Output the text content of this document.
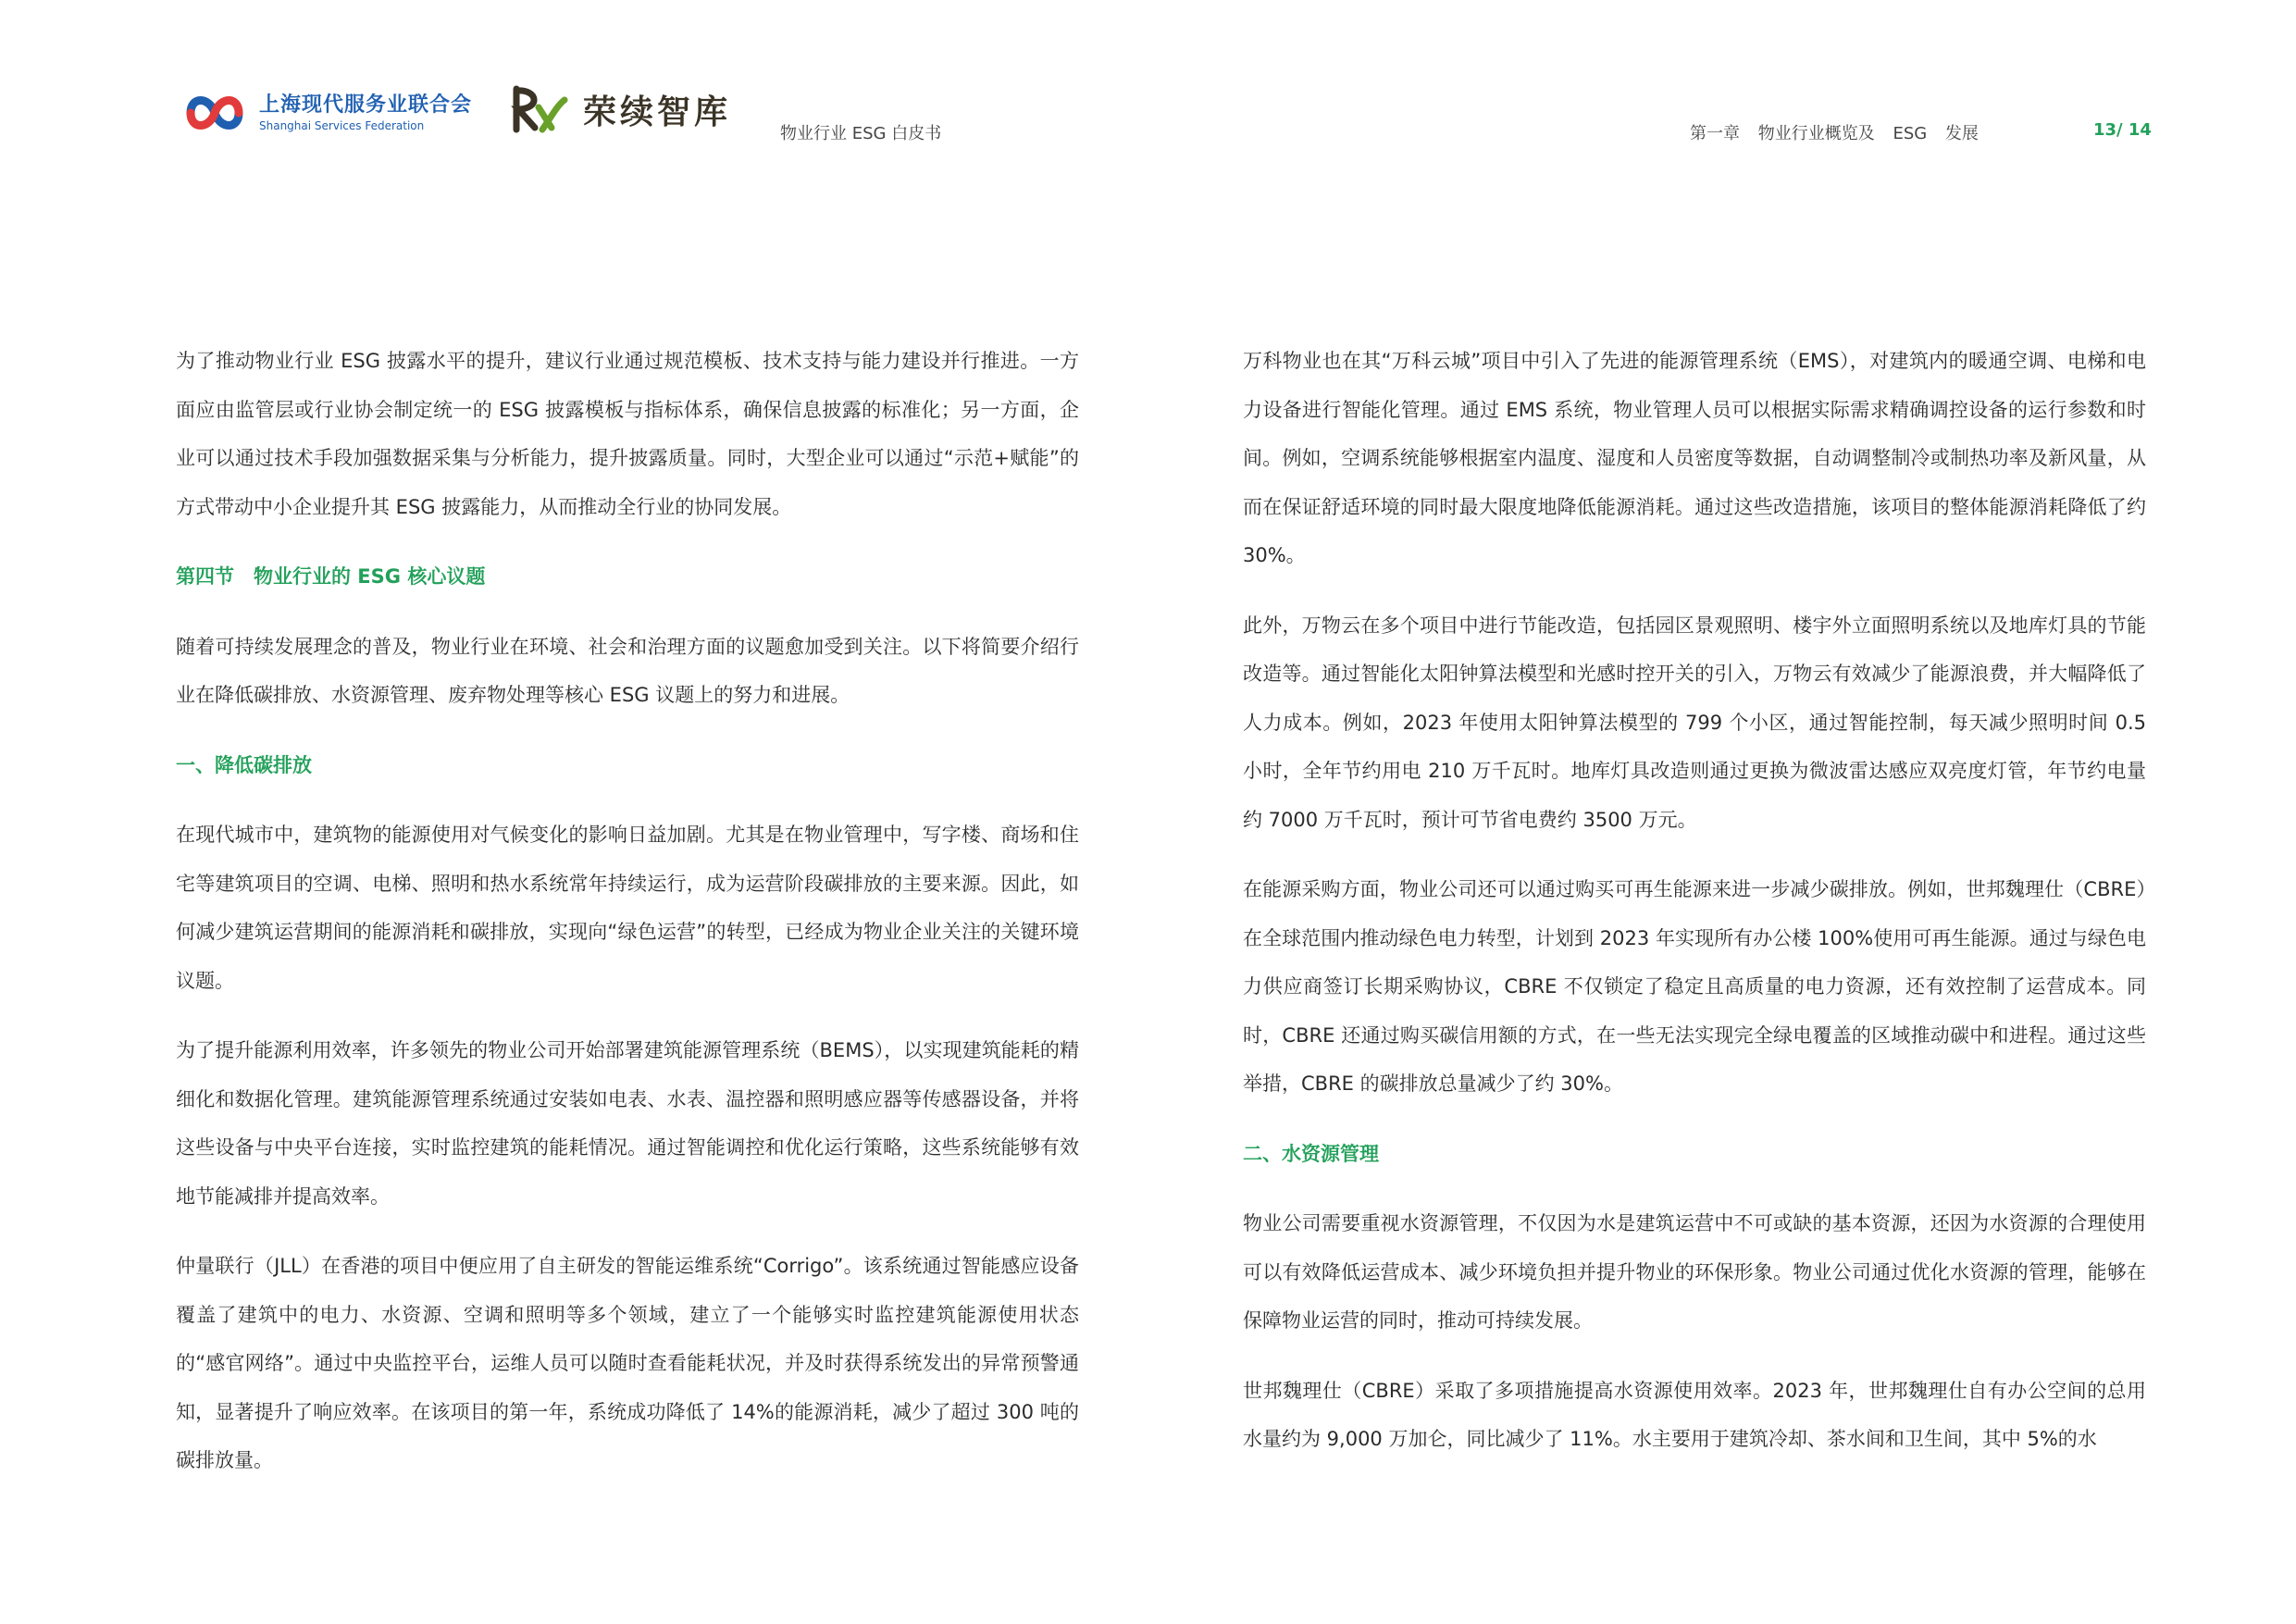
上海现代服务业联合会
Shanghai Services Federation	荣续智库
物业行业 ESG 白皮书	第一章 物业行业概览及 ESG 发展	13/ 14

为了推动物业行业 ESG 披露水平的提升，建议行业通过规范模板、技术支持与能力建设并行推进。一方面应由监管层或行业协会制定统一的 ESG 披露模板与指标体系，确保信息披露的标准化；另一方面，企业可以通过技术手段加强数据采集与分析能力，提升披露质量。同时，大型企业可以通过“示范+赋能”的方式带动中小企业提升其 ESG 披露能力，从而推动全行业的协同发展。

第四节　物业行业的 ESG 核心议题

随着可持续发展理念的普及，物业行业在环境、社会和治理方面的议题愈加受到关注。以下将简要介绍行业在降低碳排放、水资源管理、废弃物处理等核心 ESG 议题上的努力和进展。

一、降低碳排放

在现代城市中，建筑物的能源使用对气候变化的影响日益加剧。尤其是在物业管理中，写字楼、商场和住宅等建筑项目的空调、电梯、照明和热水系统常年持续运行，成为运营阶段碳排放的主要来源。因此，如何减少建筑运营期间的能源消耗和碳排放，实现向“绿色运营”的转型，已经成为物业企业关注的关键环境议题。

为了提升能源利用效率，许多领先的物业公司开始部署建筑能源管理系统（BEMS），以实现建筑能耗的精细化和数据化管理。建筑能源管理系统通过安装如电表、水表、温控器和照明感应器等传感器设备，并将这些设备与中央平台连接，实时监控建筑的能耗情况。通过智能调控和优化运行策略，这些系统能够有效地节能减排并提高效率。

仲量联行（JLL）在香港的项目中便应用了自主研发的智能运维系统“Corrigo”。该系统通过智能感应设备覆盖了建筑中的电力、水资源、空调和照明等多个领域，建立了一个能够实时监控建筑能源使用状态的“感官网络”。通过中央监控平台，运维人员可以随时查看能耗状况，并及时获得系统发出的异常预警通知，显著提升了响应效率。在该项目的第一年，系统成功降低了 14%的能源消耗，减少了超过 300 吨的碳排放量。

万科物业也在其“万科云城”项目中引入了先进的能源管理系统（EMS），对建筑内的暖通空调、电梯和电力设备进行智能化管理。通过 EMS 系统，物业管理人员可以根据实际需求精确调控设备的运行参数和时间。例如，空调系统能够根据室内温度、湿度和人员密度等数据，自动调整制冷或制热功率及新风量，从而在保证舒适环境的同时最大限度地降低能源消耗。通过这些改造措施，该项目的整体能源消耗降低了约 30%。

此外，万物云在多个项目中进行节能改造，包括园区景观照明、楼宇外立面照明系统以及地库灯具的节能改造等。通过智能化太阳钟算法模型和光感时控开关的引入，万物云有效减少了能源浪费，并大幅降低了人力成本。例如，2023 年使用太阳钟算法模型的 799 个小区，通过智能控制，每天减少照明时间 0.5 小时，全年节约用电 210 万千瓦时。地库灯具改造则通过更换为微波雷达感应双亮度灯管，年节约电量约 7000 万千瓦时，预计可节省电费约 3500 万元。

在能源采购方面，物业公司还可以通过购买可再生能源来进一步减少碳排放。例如，世邦魏理仕（CBRE）在全球范围内推动绿色电力转型，计划到 2023 年实现所有办公楼 100%使用可再生能源。通过与绿色电力供应商签订长期采购协议，CBRE 不仅锁定了稳定且高质量的电力资源，还有效控制了运营成本。同时，CBRE 还通过购买碳信用额的方式，在一些无法实现完全绿电覆盖的区域推动碳中和进程。通过这些举措，CBRE 的碳排放总量减少了约 30%。

二、水资源管理

物业公司需要重视水资源管理，不仅因为水是建筑运营中不可或缺的基本资源，还因为水资源的合理使用可以有效降低运营成本、减少环境负担并提升物业的环保形象。物业公司通过优化水资源的管理，能够在保障物业运营的同时，推动可持续发展。

世邦魏理仕（CBRE）采取了多项措施提高水资源使用效率。2023 年，世邦魏理仕自有办公空间的总用水量约为 9,000 万加仑，同比减少了 11%。水主要用于建筑冷却、茶水间和卫生间，其中 5%的水
